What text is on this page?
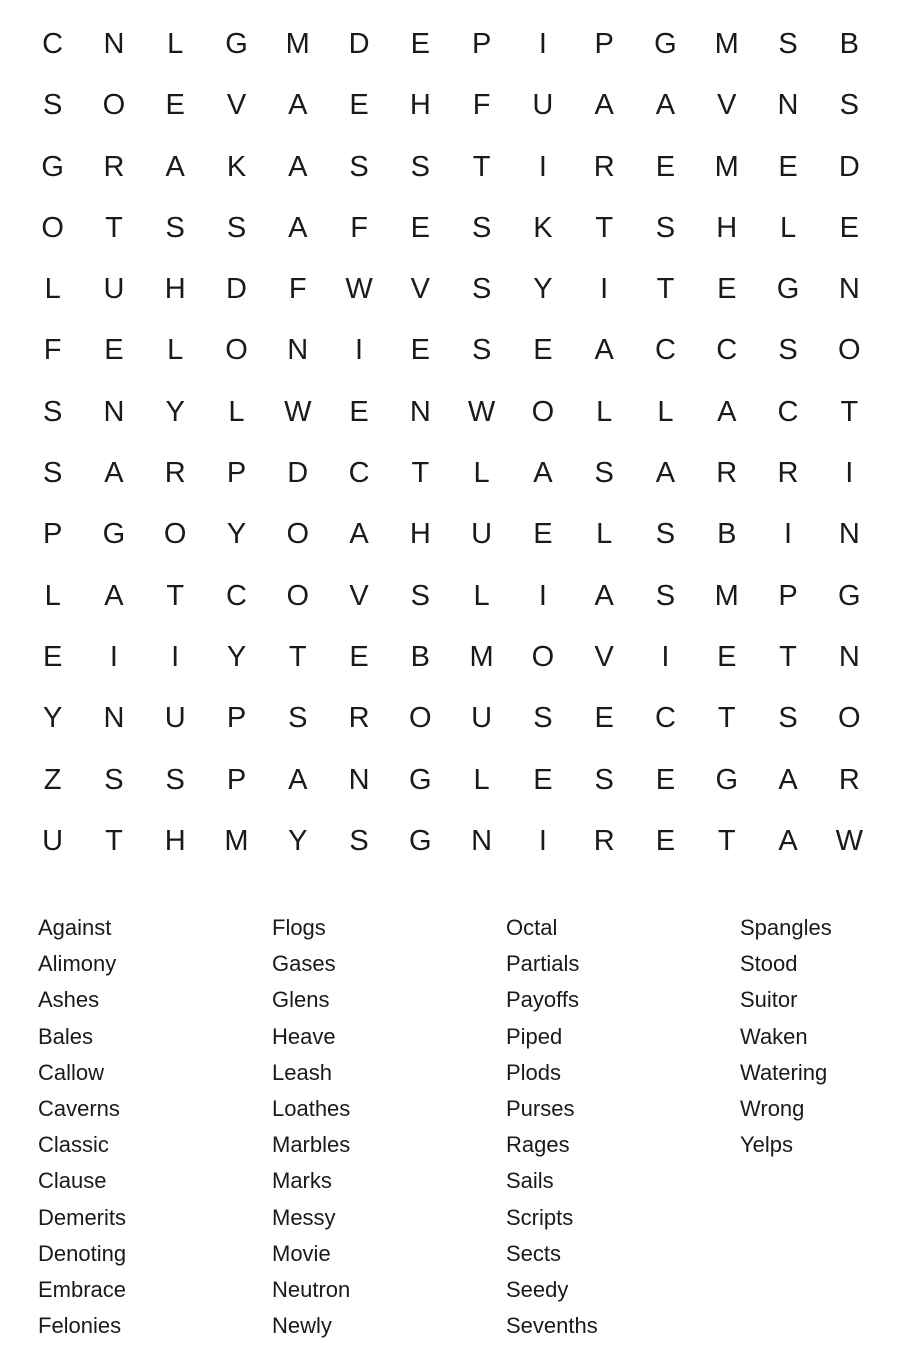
C	N	L	G	M	D	E	P	I	P	G	M	S	B
S	O	E	V	A	E	H	F	U	A	A	V	N	S
G	R	A	K	A	S	S	T	I	R	E	M	E	D
O	T	S	S	A	F	E	S	K	T	S	H	L	E
L	U	H	D	F	W	V	S	Y	I	T	E	G	N
F	E	L	O	N	I	E	S	E	A	C	C	S	O
S	N	Y	L	W	E	N	W	O	L	L	A	C	T
S	A	R	P	D	C	T	L	A	S	A	R	R	I
P	G	O	Y	O	A	H	U	E	L	S	B	I	N
L	A	T	C	O	V	S	L	I	A	S	M	P	G
E	I	I	Y	T	E	B	M	O	V	I	E	T	N
Y	N	U	P	S	R	O	U	S	E	C	T	S	O
Z	S	S	P	A	N	G	L	E	S	E	G	A	R
U	T	H	M	Y	S	G	N	I	R	E	T	A	W
Against
Alimony
Ashes
Bales
Callow
Caverns
Classic
Clause
Demerits
Denoting
Embrace
Felonies
Flogs
Gases
Glens
Heave
Leash
Loathes
Marbles
Marks
Messy
Movie
Neutron
Newly
Octal
Partials
Payoffs
Piped
Plods
Purses
Rages
Sails
Scripts
Sects
Seedy
Sevenths
Spangles
Stood
Suitor
Waken
Watering
Wrong
Yelps
